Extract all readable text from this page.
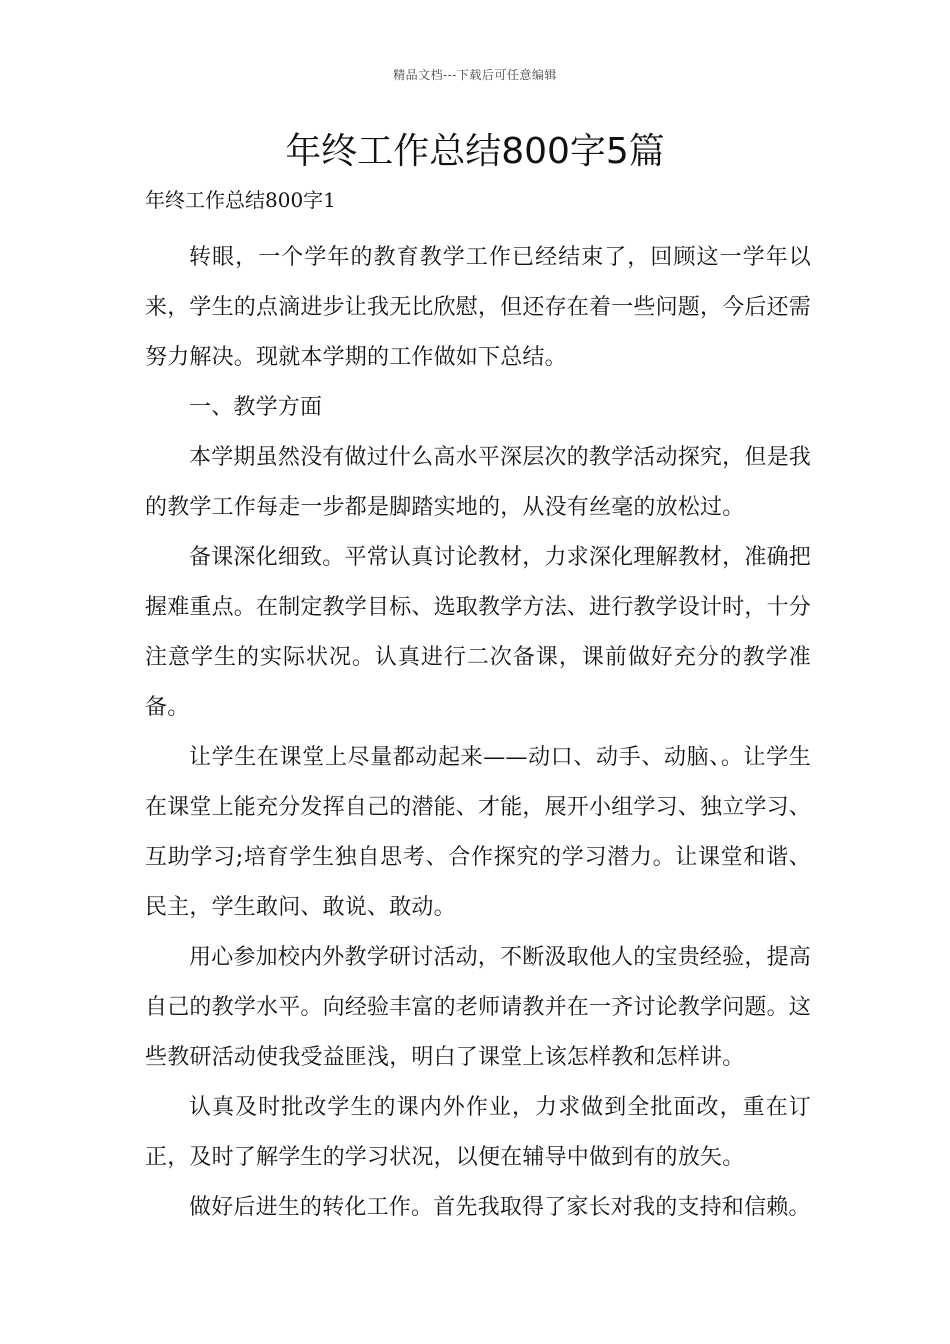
精品文档---下载后可任意编辑
年终工作总结800字5篇

年终工作总结800字1

转眼，一个学年的教育教学工作已经结束了，回顾这一学年以来，学生的点滴进步让我无比欣慰，但还存在着一些问题，今后还需努力解决。现就本学期的工作做如下总结。

一、教学方面

本学期虽然没有做过什么高水平深层次的教学活动探究，但是我的教学工作每走一步都是脚踏实地的，从没有丝毫的放松过。

备课深化细致。平常认真讨论教材，力求深化理解教材，准确把握难重点。在制定教学目标、选取教学方法、进行教学设计时，十分注意学生的实际状况。认真进行二次备课，课前做好充分的教学准备。

让学生在课堂上尽量都动起来——动口、动手、动脑、。让学生在课堂上能充分发挥自己的潜能、才能，展开小组学习、独立学习、互助学习;培育学生独自思考、合作探究的学习潜力。让课堂和谐、民主，学生敢问、敢说、敢动。

用心参加校内外教学研讨活动，不断汲取他人的宝贵经验，提高自己的教学水平。向经验丰富的老师请教并在一齐讨论教学问题。这些教研活动使我受益匪浅，明白了课堂上该怎样教和怎样讲。

认真及时批改学生的课内外作业，力求做到全批面改，重在订正，及时了解学生的学习状况，以便在辅导中做到有的放矢。

做好后进生的转化工作。首先我取得了家长对我的支持和信赖。
